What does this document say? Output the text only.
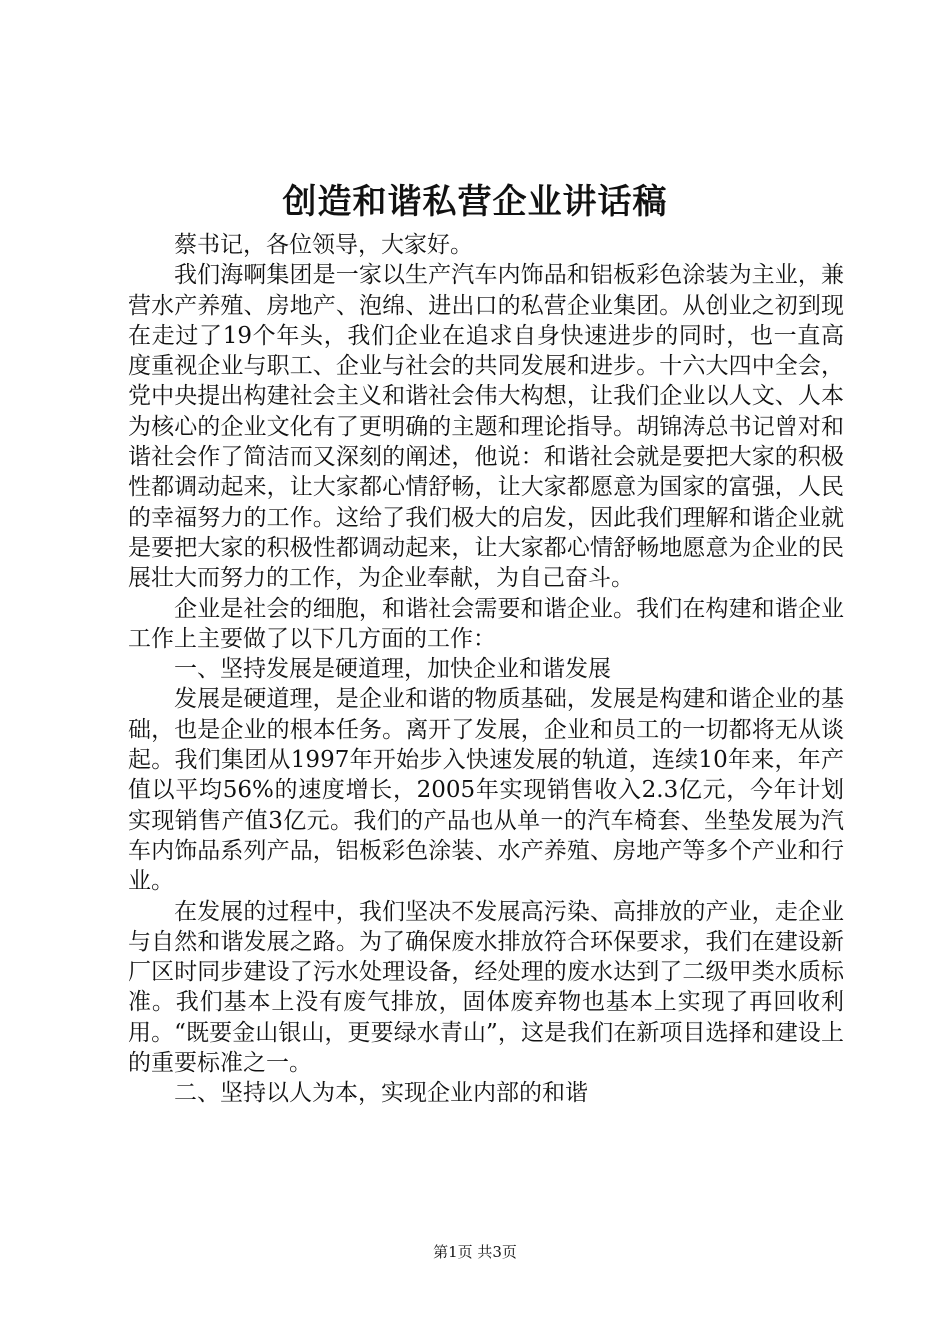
创造和谐私营企业讲话稿

蔡书记，各位领导，大家好。

我们海啊集团是一家以生产汽车内饰品和铝板彩色涂装为主业，兼营水产养殖、房地产、泡绵、进出口的私营企业集团。从创业之初到现在走过了19个年头，我们企业在追求自身快速进步的同时，也一直高度重视企业与职工、企业与社会的共同发展和进步。十六大四中全会，党中央提出构建社会主义和谐社会伟大构想，让我们企业以人文、人本为核心的企业文化有了更明确的主题和理论指导。胡锦涛总书记曾对和谐社会作了简洁而又深刻的阐述，他说：和谐社会就是要把大家的积极性都调动起来，让大家都心情舒畅，让大家都愿意为国家的富强，人民的幸福努力的工作。这给了我们极大的启发，因此我们理解和谐企业就是要把大家的积极性都调动起来，让大家都心情舒畅地愿意为企业的民展壮大而努力的工作，为企业奉献，为自己奋斗。

企业是社会的细胞，和谐社会需要和谐企业。我们在构建和谐企业工作上主要做了以下几方面的工作：

一、坚持发展是硬道理，加快企业和谐发展

发展是硬道理，是企业和谐的物质基础，发展是构建和谐企业的基础，也是企业的根本任务。离开了发展，企业和员工的一切都将无从谈起。我们集团从1997年开始步入快速发展的轨道，连续10年来，年产值以平均56%的速度增长，2005年实现销售收入2.3亿元，今年计划实现销售产值3亿元。我们的产品也从单一的汽车椅套、坐垫发展为汽车内饰品系列产品，铝板彩色涂装、水产养殖、房地产等多个产业和行业。

在发展的过程中，我们坚决不发展高污染、高排放的产业，走企业与自然和谐发展之路。为了确保废水排放符合环保要求，我们在建设新厂区时同步建设了污水处理设备，经处理的废水达到了二级甲类水质标准。我们基本上没有废气排放，固体废弃物也基本上实现了再回收利用。“既要金山银山，更要绿水青山”，这是我们在新项目选择和建设上的重要标准之一。

二、坚持以人为本，实现企业内部的和谐

第1页 共3页
